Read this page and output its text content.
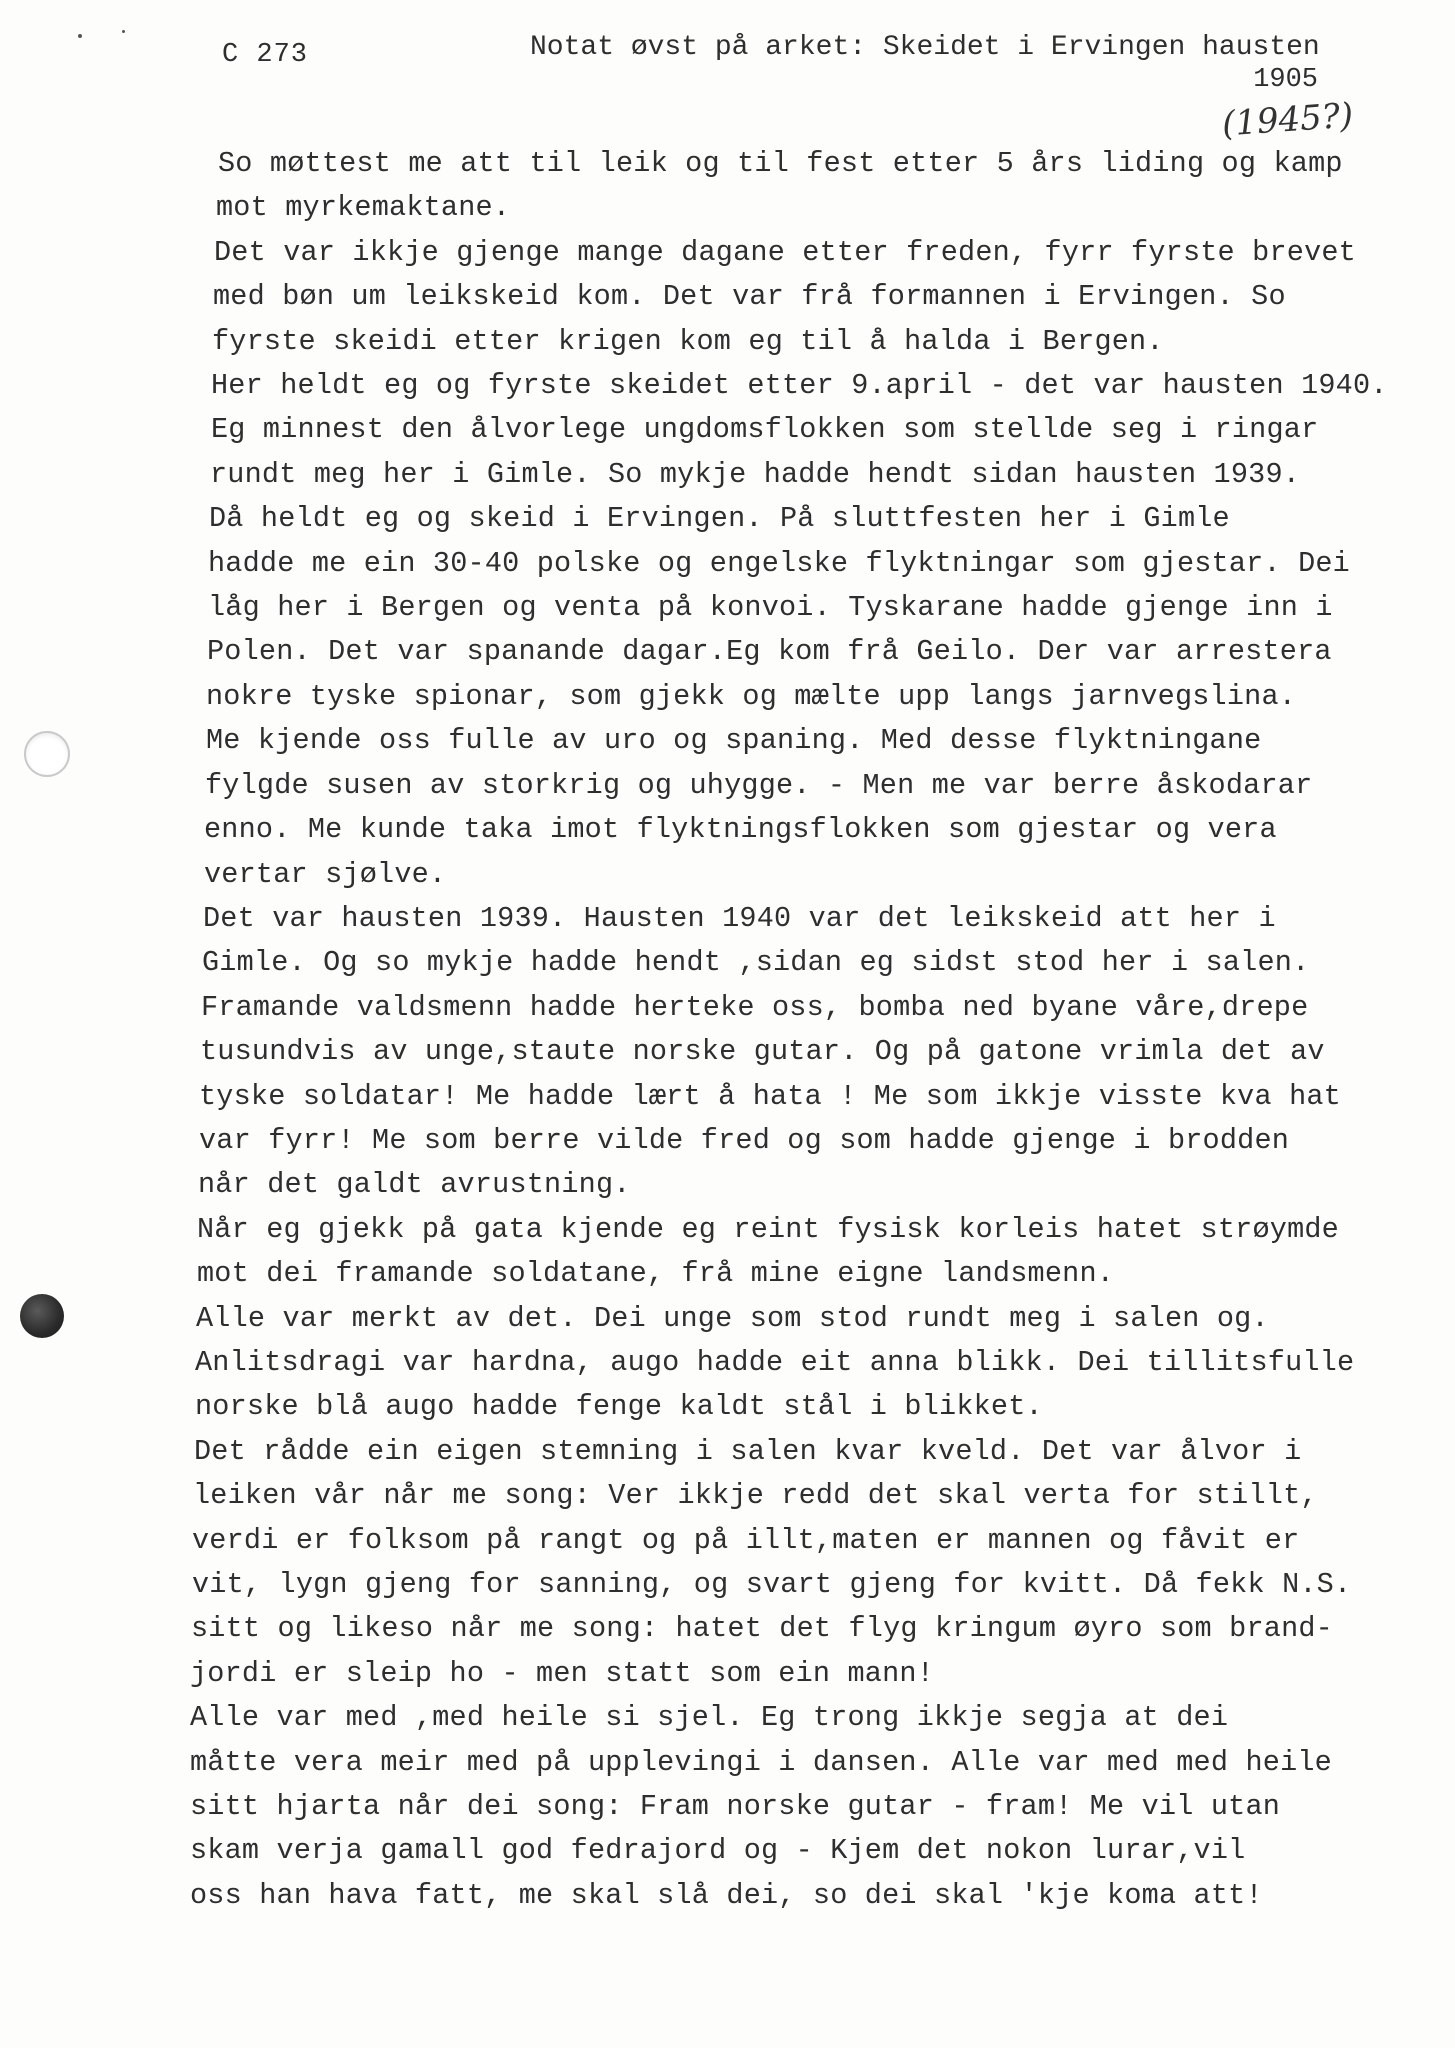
C 273	Notat øvst på arket: Skeidet i Ervingen hausten
1905
(1945?)
So møttest me att til leik og til fest etter 5 års liding og kamp
mot myrkemaktane.
Det var ikkje gjenge mange dagane etter freden, fyrr fyrste brevet
med bøn um leikskeid kom. Det var frå formannen i Ervingen. So
fyrste skeidi etter krigen kom eg til å halda i Bergen.
Her heldt eg og fyrste skeidet etter 9.april - det var hausten 1940.
Eg minnest den ålvorlege ungdomsflokken som stellde seg i ringar
rundt meg her i Gimle. So mykje hadde hendt sidan hausten 1939.
Då heldt eg og skeid i Ervingen. På sluttfesten her i Gimle
hadde me ein 30-40 polske og engelske flyktningar som gjestar. Dei
låg her i Bergen og venta på konvoi. Tyskarane hadde gjenge inn i
Polen. Det var spanande dagar.Eg kom frå Geilo. Der var arrestera
nokre tyske spionar, som gjekk og mælte upp langs jarnvegslina.
Me kjende oss fulle av uro og spaning. Med desse flyktningane
fylgde susen av storkrig og uhygge. - Men me var berre åskodarar
enno. Me kunde taka imot flyktningsflokken som gjestar og vera
vertar sjølve.
Det var hausten 1939. Hausten 1940 var det leikskeid att her i
Gimle. Og so mykje hadde hendt ,sidan eg sidst stod her i salen.
Framande valdsmenn hadde herteke oss, bomba ned byane våre,drepe
tusundvis av unge,staute norske gutar. Og på gatone vrimla det av
tyske soldatar! Me hadde lært å hata ! Me som ikkje visste kva hat
var fyrr! Me som berre vilde fred og som hadde gjenge i brodden
når det galdt avrustning.
Når eg gjekk på gata kjende eg reint fysisk korleis hatet strøymde
mot dei framande soldatane, frå mine eigne landsmenn.
Alle var merkt av det. Dei unge som stod rundt meg i salen og.
Anlitsdragi var hardna, augo hadde eit anna blikk. Dei tillitsfulle
norske blå augo hadde fenge kaldt stål i blikket.
Det rådde ein eigen stemning i salen kvar kveld. Det var ålvor i
leiken vår når me song: Ver ikkje redd det skal verta for stillt,
verdi er folksom på rangt og på illt,maten er mannen og fåvit er
vit, lygn gjeng for sanning, og svart gjeng for kvitt. Då fekk N.S.
sitt og likeso når me song: hatet det flyg kringum øyro som brand-
jordi er sleip ho - men statt som ein mann!
Alle var med ,med heile si sjel. Eg trong ikkje segja at dei
måtte vera meir med på upplevingi i dansen. Alle var med med heile
sitt hjarta når dei song: Fram norske gutar - fram! Me vil utan
skam verja gamall god fedrajord og - Kjem det nokon lurar,vil
oss han hava fatt, me skal slå dei, so dei skal 'kje koma att!
